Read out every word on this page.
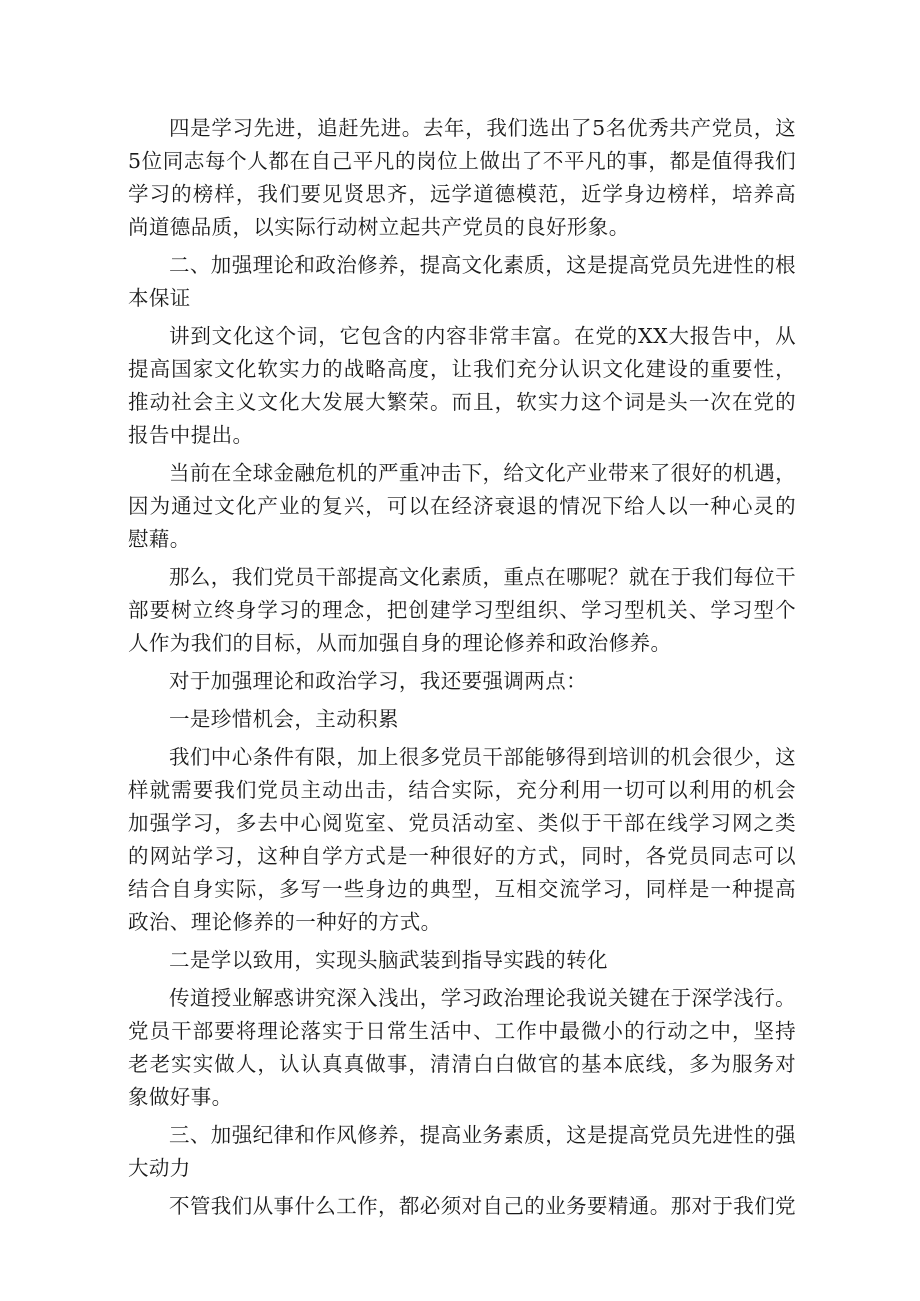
四是学习先进，追赶先进。去年，我们选出了5名优秀共产党员，这5位同志每个人都在自己平凡的岗位上做出了不平凡的事，都是值得我们学习的榜样，我们要见贤思齐，远学道德模范，近学身边榜样，培养高尚道德品质，以实际行动树立起共产党员的良好形象。

二、加强理论和政治修养，提高文化素质，这是提高党员先进性的根本保证

讲到文化这个词，它包含的内容非常丰富。在党的XX大报告中，从提高国家文化软实力的战略高度，让我们充分认识文化建设的重要性，推动社会主义文化大发展大繁荣。而且，软实力这个词是头一次在党的报告中提出。

当前在全球金融危机的严重冲击下，给文化产业带来了很好的机遇，因为通过文化产业的复兴，可以在经济衰退的情况下给人以一种心灵的慰藉。

那么，我们党员干部提高文化素质，重点在哪呢？就在于我们每位干部要树立终身学习的理念，把创建学习型组织、学习型机关、学习型个人作为我们的目标，从而加强自身的理论修养和政治修养。

对于加强理论和政治学习，我还要强调两点：

一是珍惜机会，主动积累

我们中心条件有限，加上很多党员干部能够得到培训的机会很少，这样就需要我们党员主动出击，结合实际，充分利用一切可以利用的机会加强学习，多去中心阅览室、党员活动室、类似于干部在线学习网之类的网站学习，这种自学方式是一种很好的方式，同时，各党员同志可以结合自身实际，多写一些身边的典型，互相交流学习，同样是一种提高政治、理论修养的一种好的方式。

二是学以致用，实现头脑武装到指导实践的转化

传道授业解惑讲究深入浅出，学习政治理论我说关键在于深学浅行。党员干部要将理论落实于日常生活中、工作中最微小的行动之中，坚持老老实实做人，认认真真做事，清清白白做官的基本底线，多为服务对象做好事。

三、加强纪律和作风修养，提高业务素质，这是提高党员先进性的强大动力

不管我们从事什么工作，都必须对自己的业务要精通。那对于我们党
